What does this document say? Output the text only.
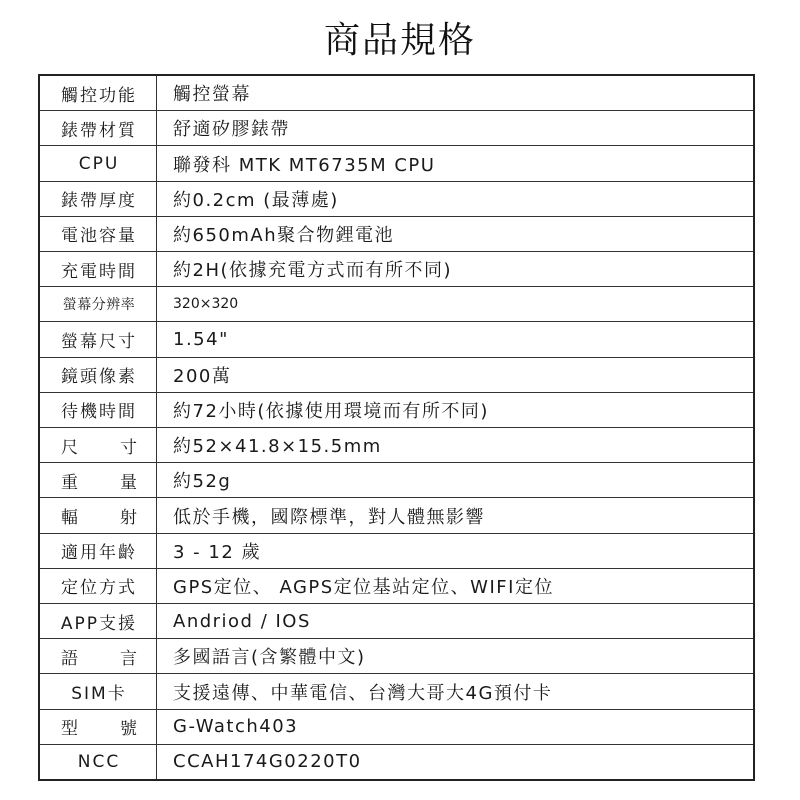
商品規格
觸控功能	觸控螢幕
錶帶材質	舒適矽膠錶帶
CPU	聯發科 MTK MT6735M CPU
錶帶厚度	約0.2cm (最薄處)
電池容量	約650mAh聚合物鋰電池
充電時間	約2H(依據充電方式而有所不同)
螢幕分辨率	320×320
螢幕尺寸	1.54"
鏡頭像素	200萬
待機時間	約72小時(依據使用環境而有所不同)
尺 寸	約52×41.8×15.5mm
重 量	約52g
輻 射	低於手機，國際標準，對人體無影響
適用年齡	3 - 12 歲
定位方式	GPS定位、 AGPS定位基站定位、WIFI定位
APP支援	Andriod / IOS
語 言	多國語言(含繁體中文)
SIM卡	支援遠傳、中華電信、台灣大哥大4G預付卡
型 號	G-Watch403
NCC	CCAH174G0220T0
